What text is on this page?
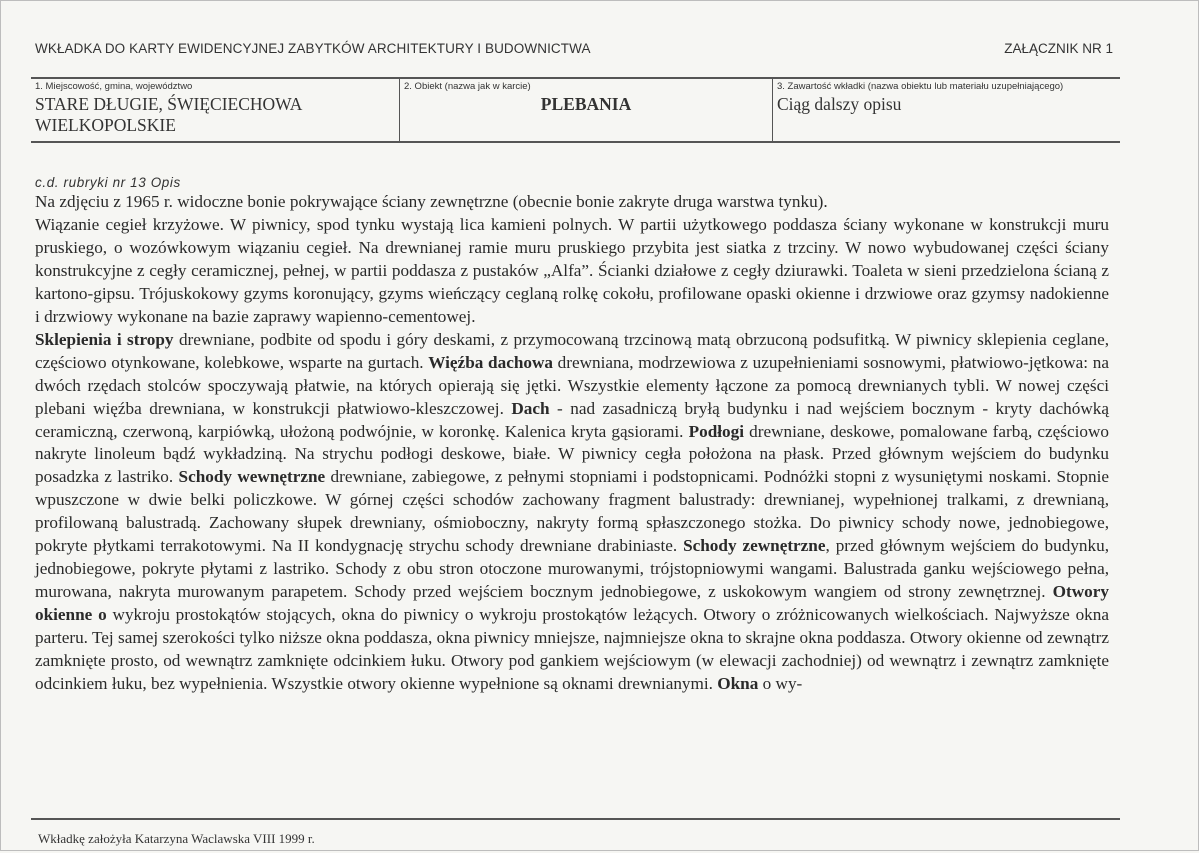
WKŁADKA DO KARTY EWIDENCYJNEJ ZABYTKÓW ARCHITEKTURY I BUDOWNICTWA	ZAŁĄCZNIK NR 1
1. Miejscowość, gmina, województwo
STARE DŁUGIE, ŚWIĘCIECHOWA WIELKOPOLSKIE
2. Obiekt (nazwa jak w karcie)
PLEBANIA
3. Zawartość wkładki (nazwa obiektu lub materiału uzupełniającego)
Ciąg dalszy opisu
c.d. rubryki nr 13 Opis

Na zdjęciu z 1965 r. widoczne bonie pokrywające ściany zewnętrzne (obecnie bonie zakryte druga warstwa tynku).

Wiązanie cegieł krzyżowe. W piwnicy, spod tynku wystają lica kamieni polnych. W partii użytkowego poddasza ściany wykonane w konstrukcji muru pruskiego, o wozówkowym wiązaniu cegieł. Na drewnianej ramie muru pruskiego przybita jest siatka z trzciny. W nowo wybudowanej części ściany konstrukcyjne z cegły ceramicznej, pełnej, w partii poddasza z pustaków „Alfa”. Ścianki działowe z cegły dziurawki. Toaleta w sieni przedzielona ścianą z kartono-gipsu. Trójuskokowy gzyms koronujący, gzyms wieńczący ceglaną rolkę cokołu, profilowane opaski okienne i drzwiowe oraz gzymsy nadokienne i drzwiowy wykonane na bazie zaprawy wapienno-cementowej.

Sklepienia i stropy drewniane, podbite od spodu i góry deskami, z przymocowaną trzcinową matą obrzuconą podsufitką. W piwnicy sklepienia ceglane, częściowo otynkowane, kolebkowe, wsparte na gurtach. Więźba dachowa drewniana, modrzewiowa z uzupełnieniami sosnowymi, płatwiowo-jętkowa: na dwóch rzędach stolców spoczywają płatwie, na których opierają się jętki. Wszystkie elementy łączone za pomocą drewnianych tybli. W nowej części plebani więźba drewniana, w konstrukcji płatwiowo-kleszczowej. Dach - nad zasadniczą bryłą budynku i nad wejściem bocznym - kryty dachówką ceramiczną, czerwoną, karpiówką, ułożoną podwójnie, w koronkę. Kalenica kryta gąsiorami. Podłogi drewniane, deskowe, pomalowane farbą, częściowo nakryte linoleum bądź wykładziną. Na strychu podłogi deskowe, białe. W piwnicy cegła położona na płask. Przed głównym wejściem do budynku posadzka z lastriko. Schody wewnętrzne drewniane, zabiegowe, z pełnymi stopniami i podstopnicami. Podnóżki stopni z wysuniętymi noskami. Stopnie wpuszczone w dwie belki policzkowe. W górnej części schodów zachowany fragment balustrady: drewnianej, wypełnionej tralkami, z drewnianą, profilowaną balustradą. Zachowany słupek drewniany, ośmioboczny, nakryty formą spłaszczonego stożka. Do piwnicy schody nowe, jednobiegowe, pokryte płytkami terrakotowymi. Na II kondygnację strychu schody drewniane drabiniaste. Schody zewnętrzne, przed głównym wejściem do budynku, jednobiegowe, pokryte płytami z lastriko. Schody z obu stron otoczone murowanymi, trójstopniowymi wangami. Balustrada ganku wejściowego pełna, murowana, nakryta murowanym parapetem. Schody przed wejściem bocznym jednobiegowe, z uskokowym wangiem od strony zewnętrznej. Otwory okienne o wykroju prostokątów stojących, okna do piwnicy o wykroju prostokątów leżących. Otwory o zróżnicowanych wielkościach. Najwyższe okna parteru. Tej samej szerokości tylko niższe okna poddasza, okna piwnicy mniejsze, najmniejsze okna to skrajne okna poddasza. Otwory okienne od zewnątrz zamknięte prosto, od wewnątrz zamknięte odcinkiem łuku. Otwory pod gankiem wejściowym (w elewacji zachodniej) od wewnątrz i zewnątrz zamknięte odcinkiem łuku, bez wypełnienia. Wszystkie otwory okienne wypełnione są oknami drewnianymi. Okna o wy-

Wkładkę założyła Katarzyna Waclawska VIII 1999 r.
